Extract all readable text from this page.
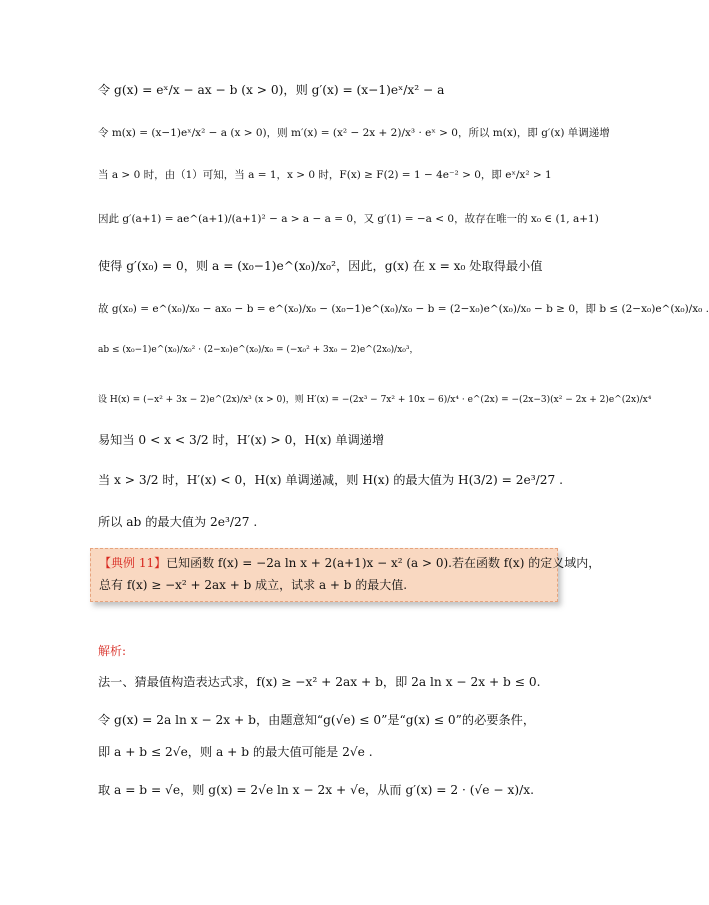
令 g(x) = eˣ/x − ax − b (x > 0)，则 g′(x) = (x−1)eˣ/x² − a
令 m(x) = (x−1)eˣ/x² − a (x > 0)，则 m′(x) = (x² − 2x + 2)/x³ · eˣ > 0，所以 m(x)，即 g′(x) 单调递增
当 a > 0 时，由（1）可知，当 a = 1，x > 0 时，F(x) ≥ F(2) = 1 − 4e⁻² > 0，即 eˣ/x² > 1
因此 g′(a+1) = ae^(a+1)/(a+1)² − a > a − a = 0，又 g′(1) = −a < 0，故存在唯一的 x₀ ∈ (1, a+1)
使得 g′(x₀) = 0，则 a = (x₀−1)e^(x₀)/x₀²，因此，g(x) 在 x = x₀ 处取得最小值
故 g(x₀) = e^(x₀)/x₀ − ax₀ − b = e^(x₀)/x₀ − (x₀−1)e^(x₀)/x₀ − b = (2−x₀)e^(x₀)/x₀ − b ≥ 0，即 b ≤ (2−x₀)e^(x₀)/x₀ .
ab ≤ (x₀−1)e^(x₀)/x₀² · (2−x₀)e^(x₀)/x₀ = (−x₀² + 3x₀ − 2)e^(2x₀)/x₀³，
设 H(x) = (−x² + 3x − 2)e^(2x)/x³ (x > 0)，则 H′(x) = −(2x³ − 7x² + 10x − 6)/x⁴ · e^(2x) = −(2x−3)(x² − 2x + 2)e^(2x)/x⁴
易知当 0 < x < 3/2 时，H′(x) > 0，H(x) 单调递增
当 x > 3/2 时，H′(x) < 0，H(x) 单调递减，则 H(x) 的最大值为 H(3/2) = 2e³/27 .
所以 ab 的最大值为 2e³/27 .
【典例 11】已知函数 f(x) = −2a ln x + 2(a+1)x − x² (a > 0).若在函数 f(x) 的定义域内，
总有 f(x) ≥ −x² + 2ax + b 成立，试求 a + b 的最大值.
解析:
法一、猜最值构造表达式求，f(x) ≥ −x² + 2ax + b，即 2a ln x − 2x + b ≤ 0.
令 g(x) = 2a ln x − 2x + b，由题意知“g(√e) ≤ 0”是“g(x) ≤ 0”的必要条件，
即 a + b ≤ 2√e，则 a + b 的最大值可能是 2√e .
取 a = b = √e，则 g(x) = 2√e ln x − 2x + √e，从而 g′(x) = 2 · (√e − x)/x.
